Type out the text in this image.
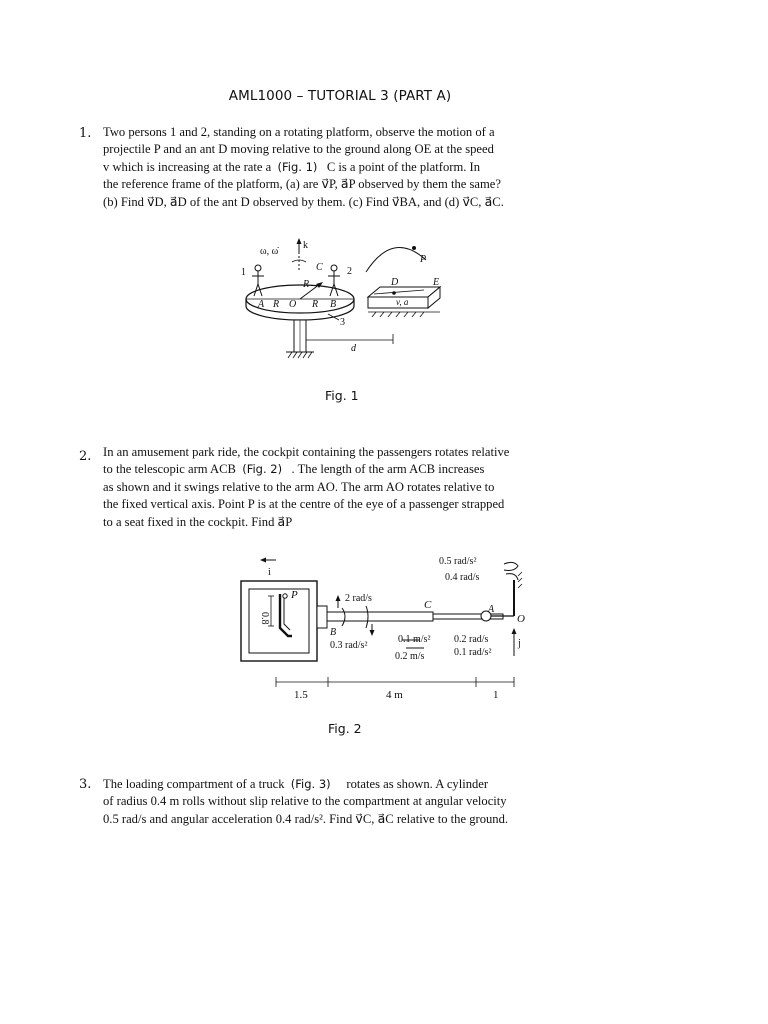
AML1000 – TUTORIAL 3 (PART A)
1. Two persons 1 and 2, standing on a rotating platform, observe the motion of a

projectile P and an ant D moving relative to the ground along OE at the speed

v which is increasing at the rate a (Fig. 1) C is a point of the platform. In

the reference frame of the platform, (a) are v⃗P, a⃗P observed by them the same?

(b) Find v⃗D, a⃗D of the ant D observed by them. (c) Find v⃗BA, and (d) v⃗C, a⃗C.

ω, ω̇
k
1	2
C
R
A R O R B
3
d
P
D	E
v, a
Fig. 1
2. In an amusement park ride, the cockpit containing the passengers rotates relative

to the telescopic arm ACB (Fig. 2) . The length of the arm ACB increases

as shown and it swings relative to the arm AO. The arm AO rotates relative to

the fixed vertical axis. Point P is at the centre of the eye of a passenger strapped

to a seat fixed in the cockpit. Find a⃗P

i
P
0.8
B
2 rad/s
0.3 rad/s²
C	A
O
0.5 rad/s²
0.4 rad/s
0.1 m/s²
0.2 m/s
0.2 rad/s
0.1 rad/s²
j
1.5	4 m	1
Fig. 2
3. The loading compartment of a truck (Fig. 3) rotates as shown. A cylinder

of radius 0.4 m rolls without slip relative to the compartment at angular velocity

0.5 rad/s and angular acceleration 0.4 rad/s². Find v⃗C, a⃗C relative to the ground.
